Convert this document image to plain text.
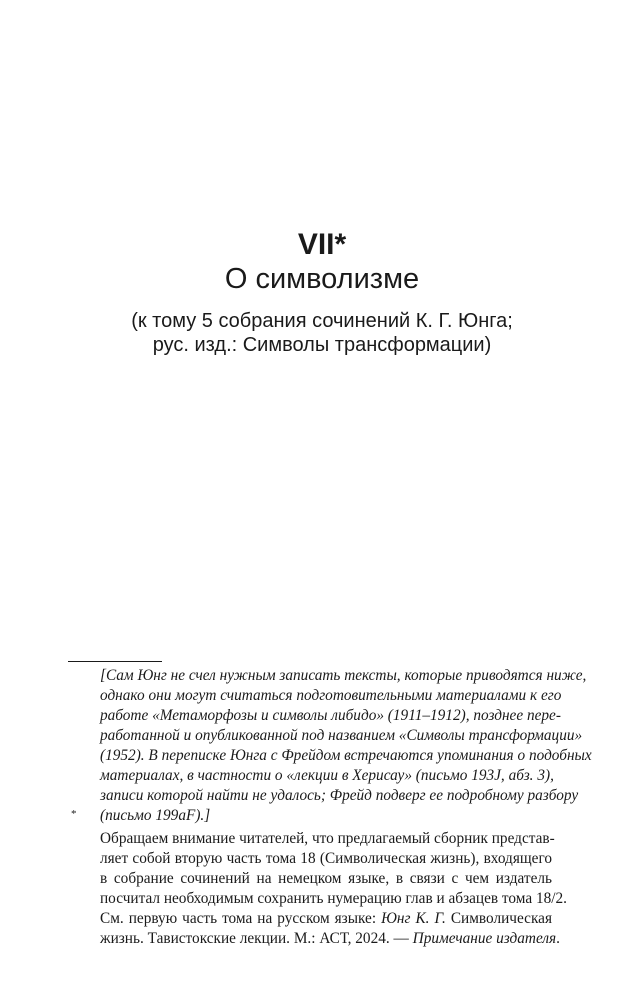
VII*
О символизме
(к тому 5 собрания сочинений К. Г. Юнга;
рус. изд.: Символы трансформации)
[Сам Юнг не счел нужным записать тексты, которые приводятся ниже,
однако они могут считаться подготовительными материалами к его
работе «Метаморфозы и символы либидо» (1911–1912), позднее пере-
работанной и опубликованной под названием «Символы трансформации»
(1952). В переписке Юнга с Фрейдом встречаются упоминания о подобных
материалах, в частности о «лекции в Херисау» (письмо 193J, абз. 3),
записи которой найти не удалось; Фрейд подверг ее подробному разбору
(письмо 199aF).]
*
Обращаем внимание читателей, что предлагаемый сборник представ-
ляет собой вторую часть тома 18 (Символическая жизнь), входящего
в собрание сочинений на немецком языке, в связи с чем издатель
посчитал необходимым сохранить нумерацию глав и абзацев тома 18/2.
См. первую часть тома на русском языке: Юнг К. Г. Символическая
жизнь. Тавистокские лекции. М.: АСТ, 2024. — Примечание издателя.
